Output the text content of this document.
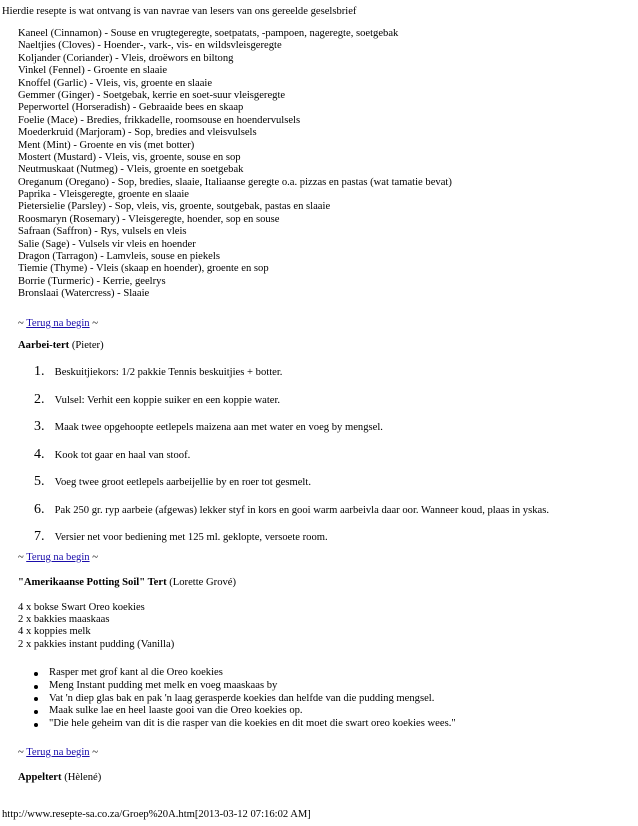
Hierdie resepte is wat ontvang is van navrae van lesers van ons gereelde geselsbrief
Kaneel (Cinnamon) - Souse en vrugtegeregte, soetpatats, -pampoen, nageregte, soetgebak
Naeltjies (Cloves) - Hoender-, vark-, vis- en wildsvleisgeregte
Koljander (Coriander) - Vleis, droëwors en biltong
Vinkel (Fennel) - Groente en slaaie
Knoffel (Garlic) - Vleis, vis, groente en slaaie
Gemmer (Ginger) - Soetgebak, kerrie en soet-suur vleisgeregte
Peperwortel (Horseradish) - Gebraaide bees en skaap
Foelie (Mace) - Bredies, frikkadelle, roomsouse en hoendervulsels
Moederkruid (Marjoram) - Sop, bredies and vleisvulsels
Ment (Mint) - Groente en vis (met botter)
Mostert (Mustard) - Vleis, vis, groente, souse en sop
Neutmuskaat (Nutmeg) - Vleis, groente en soetgebak
Oreganum (Oregano) - Sop, bredies, slaaie, Italiaanse geregte o.a. pizzas en pastas (wat tamatie bevat)
Paprika - Vleisgeregte, groente en slaaie
Pietersielie (Parsley) - Sop, vleis, vis, groente, soutgebak, pastas en slaaie
Roosmaryn (Rosemary) - Vleisgeregte, hoender, sop en souse
Safraan (Saffron) - Rys, vulsels en vleis
Salie (Sage) - Vulsels vir vleis en hoender
Dragon (Tarragon) - Lamvleis, souse en piekels
Tiemie (Thyme) - Vleis (skaap en hoender), groente en sop
Borrie (Turmeric) - Kerrie, geelrys
Bronslaai (Watercress) - Slaaie
~ Terug na begin ~
Aarbei-tert (Pieter)
1.
Beskuitjiekors: 1/2 pakkie Tennis beskuitjies + botter.
2.
Vulsel: Verhit een koppie suiker en een koppie water.
3.
Maak twee opgehoopte eetlepels maizena aan met water en voeg by mengsel.
4.
Kook tot gaar en haal van stoof.
5.
Voeg twee groot eetlepels aarbeijellie by en roer tot gesmelt.
6.
Pak 250 gr. ryp aarbeie (afgewas) lekker styf in kors en gooi warm aarbeivla daar oor. Wanneer koud, plaas in yskas.
7.
Versier net voor bediening met 125 ml. geklopte, versoete room.
~ Terug na begin ~
"Amerikaanse Potting Soil" Tert (Lorette Grové)
4 x bokse Swart Oreo koekies
2 x bakkies maaskaas
4 x koppies melk
2 x pakkies instant pudding (Vanilla)
Rasper met grof kant al die Oreo koekies
Meng Instant pudding met melk en voeg maaskaas by
Vat 'n diep glas bak en pak 'n laag gerasperde koekies dan helfde van die pudding mengsel.
Maak sulke lae en heel laaste gooi van die Oreo koekies op.
"Die hele geheim van dit is die rasper van die koekies en dit moet die swart oreo koekies wees."
~ Terug na begin ~
Appeltert (Hèlené)
http://www.resepte-sa.co.za/Groep%20A.htm[2013-03-12 07:16:02 AM]
